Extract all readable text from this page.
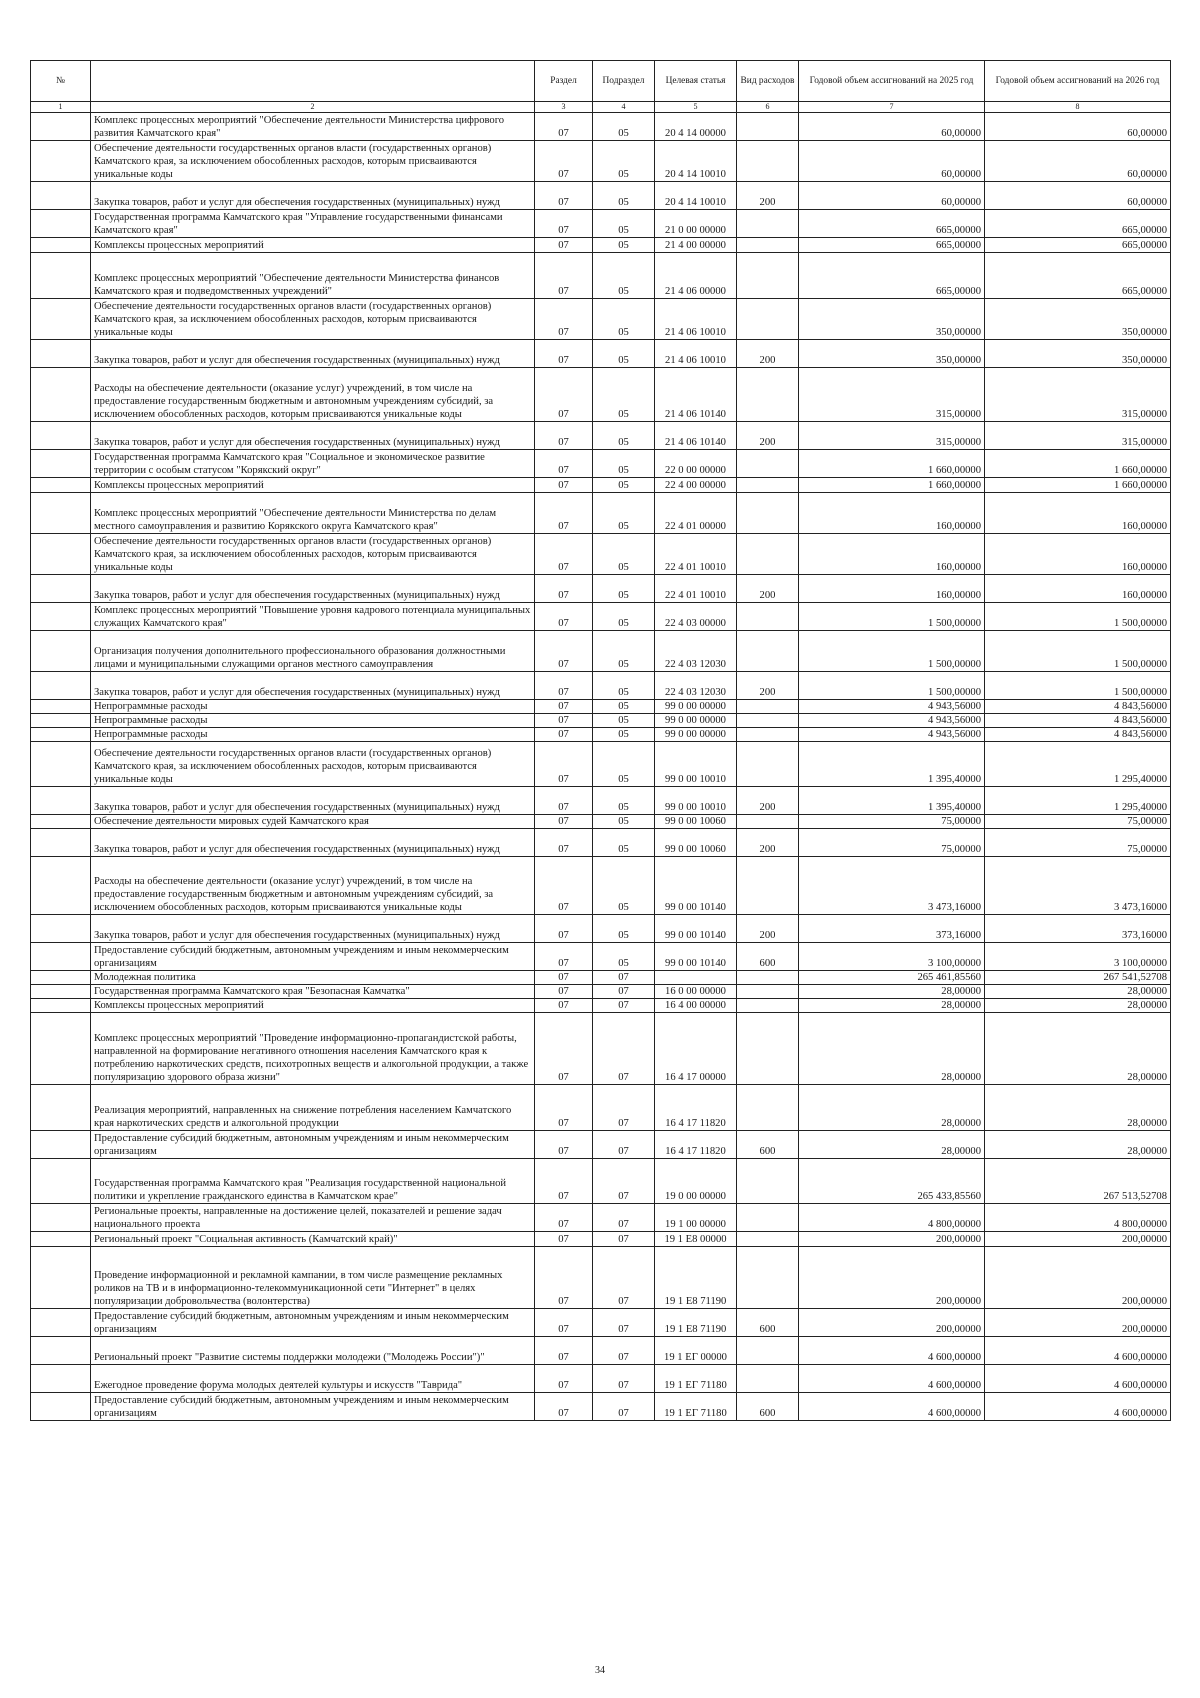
№		Раздел	Подраздел	Целевая статья	Вид расходов	Годовой объем ассигнований на 2025 год	Годовой объем ассигнований на 2026 год
1	2	3	4	5	6	7	8
	Комплекс процессных мероприятий "Обеспечение деятельности Министерства цифрового развития Камчатского края"	07	05	20 4 14 00000		60,00000	60,00000
	Обеспечение деятельности государственных органов власти (государственных органов) Камчатского края, за исключением обособленных расходов, которым присваиваются уникальные коды	07	05	20 4 14 10010		60,00000	60,00000
	Закупка товаров, работ и услуг для обеспечения государственных (муниципальных) нужд	07	05	20 4 14 10010	200	60,00000	60,00000
	Государственная программа Камчатского края "Управление государственными финансами Камчатского края"	07	05	21 0 00 00000		665,00000	665,00000
	Комплексы процессных мероприятий	07	05	21 4 00 00000		665,00000	665,00000
	Комплекс процессных мероприятий "Обеспечение деятельности Министерства финансов Камчатского края и подведомственных учреждений"	07	05	21 4 06 00000		665,00000	665,00000
	Обеспечение деятельности государственных органов власти (государственных органов) Камчатского края, за исключением обособленных расходов, которым присваиваются уникальные коды	07	05	21 4 06 10010		350,00000	350,00000
	Закупка товаров, работ и услуг для обеспечения государственных (муниципальных) нужд	07	05	21 4 06 10010	200	350,00000	350,00000
	Расходы на обеспечение деятельности (оказание услуг) учреждений, в том числе на предоставление государственным бюджетным и автономным учреждениям субсидий, за исключением обособленных расходов, которым присваиваются уникальные коды	07	05	21 4 06 10140		315,00000	315,00000
	Закупка товаров, работ и услуг для обеспечения государственных (муниципальных) нужд	07	05	21 4 06 10140	200	315,00000	315,00000
	Государственная программа Камчатского края "Социальное и экономическое развитие территории с особым статусом "Корякский округ"	07	05	22 0 00 00000		1 660,00000	1 660,00000
	Комплексы процессных мероприятий	07	05	22 4 00 00000		1 660,00000	1 660,00000
	Комплекс процессных мероприятий "Обеспечение деятельности Министерства по делам местного самоуправления и развитию Корякского округа Камчатского края"	07	05	22 4 01 00000		160,00000	160,00000
	Обеспечение деятельности государственных органов власти (государственных органов) Камчатского края, за исключением обособленных расходов, которым присваиваются уникальные коды	07	05	22 4 01 10010		160,00000	160,00000
	Закупка товаров, работ и услуг для обеспечения государственных (муниципальных) нужд	07	05	22 4 01 10010	200	160,00000	160,00000
	Комплекс процессных мероприятий "Повышение уровня кадрового потенциала муниципальных служащих Камчатского края"	07	05	22 4 03 00000		1 500,00000	1 500,00000
	Организация получения дополнительного профессионального образования должностными лицами и муниципальными служащими органов местного самоуправления	07	05	22 4 03 12030		1 500,00000	1 500,00000
	Закупка товаров, работ и услуг для обеспечения государственных (муниципальных) нужд	07	05	22 4 03 12030	200	1 500,00000	1 500,00000
	Непрограммные расходы	07	05	99 0 00 00000		4 943,56000	4 843,56000
	Непрограммные расходы	07	05	99 0 00 00000		4 943,56000	4 843,56000
	Непрограммные расходы	07	05	99 0 00 00000		4 943,56000	4 843,56000
	Обеспечение деятельности государственных органов власти (государственных органов) Камчатского края, за исключением обособленных расходов, которым присваиваются уникальные коды	07	05	99 0 00 10010		1 395,40000	1 295,40000
	Закупка товаров, работ и услуг для обеспечения государственных (муниципальных) нужд	07	05	99 0 00 10010	200	1 395,40000	1 295,40000
	Обеспечение деятельности мировых судей Камчатского края	07	05	99 0 00 10060		75,00000	75,00000
	Закупка товаров, работ и услуг для обеспечения государственных (муниципальных) нужд	07	05	99 0 00 10060	200	75,00000	75,00000
	Расходы на обеспечение деятельности (оказание услуг) учреждений, в том числе на предоставление государственным бюджетным и автономным учреждениям субсидий, за исключением обособленных расходов, которым присваиваются уникальные коды	07	05	99 0 00 10140		3 473,16000	3 473,16000
	Закупка товаров, работ и услуг для обеспечения государственных (муниципальных) нужд	07	05	99 0 00 10140	200	373,16000	373,16000
	Предоставление субсидий бюджетным, автономным учреждениям и иным некоммерческим организациям	07	05	99 0 00 10140	600	3 100,00000	3 100,00000
	Молодежная политика	07	07			265 461,85560	267 541,52708
	Государственная программа Камчатского края "Безопасная Камчатка"	07	07	16 0 00 00000		28,00000	28,00000
	Комплексы процессных мероприятий	07	07	16 4 00 00000		28,00000	28,00000
	Комплекс процессных мероприятий "Проведение информационно-пропагандистской работы, направленной на формирование негативного отношения населения Камчатского края к потреблению наркотических средств, психотропных веществ и алкогольной продукции, а также популяризацию здорового образа жизни"	07	07	16 4 17 00000		28,00000	28,00000
	Реализация мероприятий, направленных на снижение потребления населением Камчатского края наркотических средств и алкогольной продукции	07	07	16 4 17 11820		28,00000	28,00000
	Предоставление субсидий бюджетным, автономным учреждениям и иным некоммерческим организациям	07	07	16 4 17 11820	600	28,00000	28,00000
	Государственная программа Камчатского края "Реализация государственной национальной политики и укрепление гражданского единства в Камчатском крае"	07	07	19 0 00 00000		265 433,85560	267 513,52708
	Региональные проекты, направленные на достижение целей, показателей и решение задач национального проекта	07	07	19 1 00 00000		4 800,00000	4 800,00000
	Региональный проект "Социальная активность (Камчатский край)"	07	07	19 1 E8 00000		200,00000	200,00000
	Проведение информационной и рекламной кампании, в том числе размещение рекламных роликов на ТВ и в информационно-телекоммуникационной сети "Интернет" в целях популяризации добровольчества (волонтерства)	07	07	19 1 E8 71190		200,00000	200,00000
	Предоставление субсидий бюджетным, автономным учреждениям и иным некоммерческим организациям	07	07	19 1 E8 71190	600	200,00000	200,00000
	Региональный проект "Развитие системы поддержки молодежи ("Молодежь России")"	07	07	19 1 ЕГ 00000		4 600,00000	4 600,00000
	Ежегодное проведение форума молодых деятелей культуры и искусств "Таврида"	07	07	19 1 ЕГ 71180		4 600,00000	4 600,00000
	Предоставление субсидий бюджетным, автономным учреждениям и иным некоммерческим организациям	07	07	19 1 ЕГ 71180	600	4 600,00000	4 600,00000
34
